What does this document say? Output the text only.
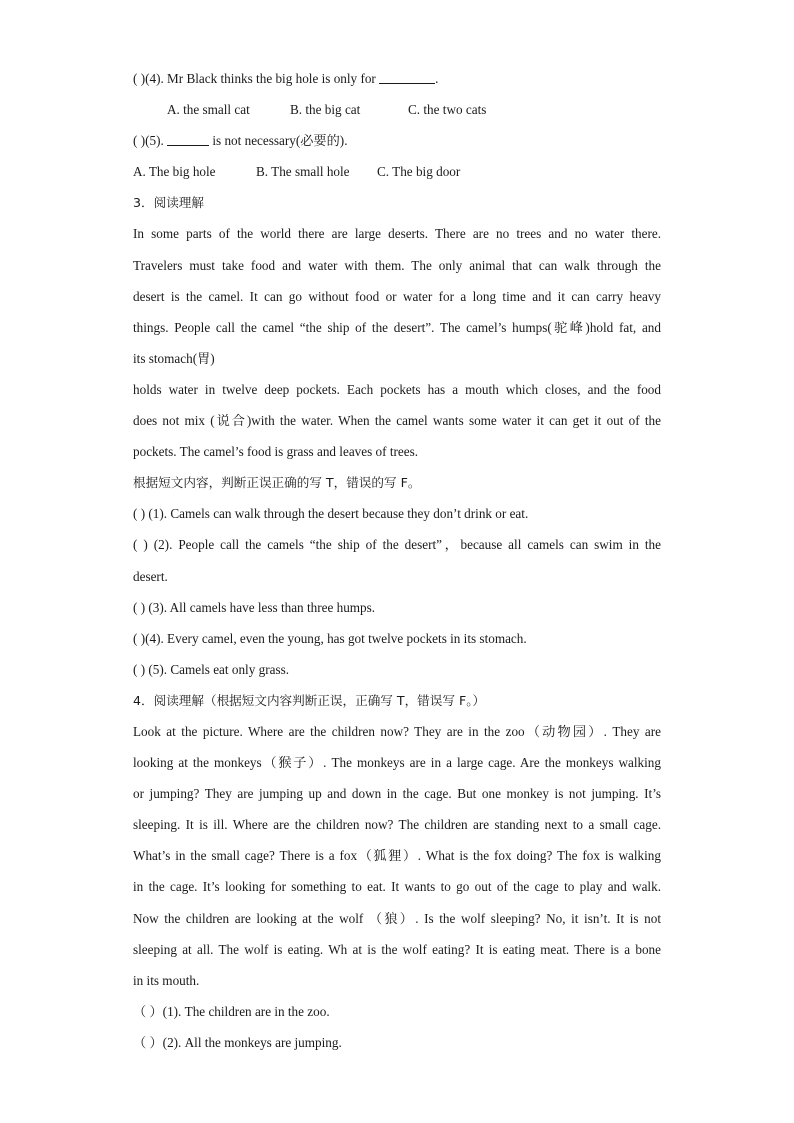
( )(4). Mr Black thinks the big hole is only for	.
A. the small cat	B. the big cat	C. the two cats
( )(5).	is not necessary(必要的).
A. The big hole	B. The small hole C. The big door
3．阅读理解
In some parts of the world there are large deserts. There are no trees and no water there.
Travelers must take food and water with them. The only animal that can walk through the
desert is the camel. It can go without food or water for a long time and it can carry heavy
things. People call the camel “the ship of the desert”. The camel’s humps(驼峰)hold fat, and
its stomach(胃)
holds water in twelve deep pockets. Each pockets has a mouth which closes, and the food
does not mix (说合)with the water. When the camel wants some water it can get it out of the
pockets. The camel’s food is grass and leaves of trees.
根据短文内容，判断正误正确的写 T，错误的写 F。
( ) (1). Camels can walk through the desert because they don’t drink or eat.
( ) (2). People call the camels “the ship of the desert”，because all camels can swim in the
desert.
( ) (3). All camels have less than three humps.
( )(4). Every camel, even the young, has got twelve pockets in its stomach.
( ) (5). Camels eat only grass.
4．阅读理解（根据短文内容判断正误，正确写 T，错误写 F。）
Look at the picture. Where are the children now? They are in the zoo（动物园）. They are
looking at the monkeys（猴子）. The monkeys are in a large cage. Are the monkeys walking
or jumping? They are jumping up and down in the cage. But one monkey is not jumping. It’s
sleeping. It is ill. Where are the children now? The children are standing next to a small cage.
What’s in the small cage? There is a fox（狐狸）. What is the fox doing? The fox is walking
in the cage. It’s looking for something to eat. It wants to go out of the cage to play and walk.
Now the children are looking at the wolf （狼）. Is the wolf sleeping? No, it isn’t. It is not
sleeping at all. The wolf is eating. Wh at is the wolf eating? It is eating meat. There is a bone
in its mouth.
（ ）(1). The children are in the zoo.
（ ）(2). All the monkeys are jumping.
